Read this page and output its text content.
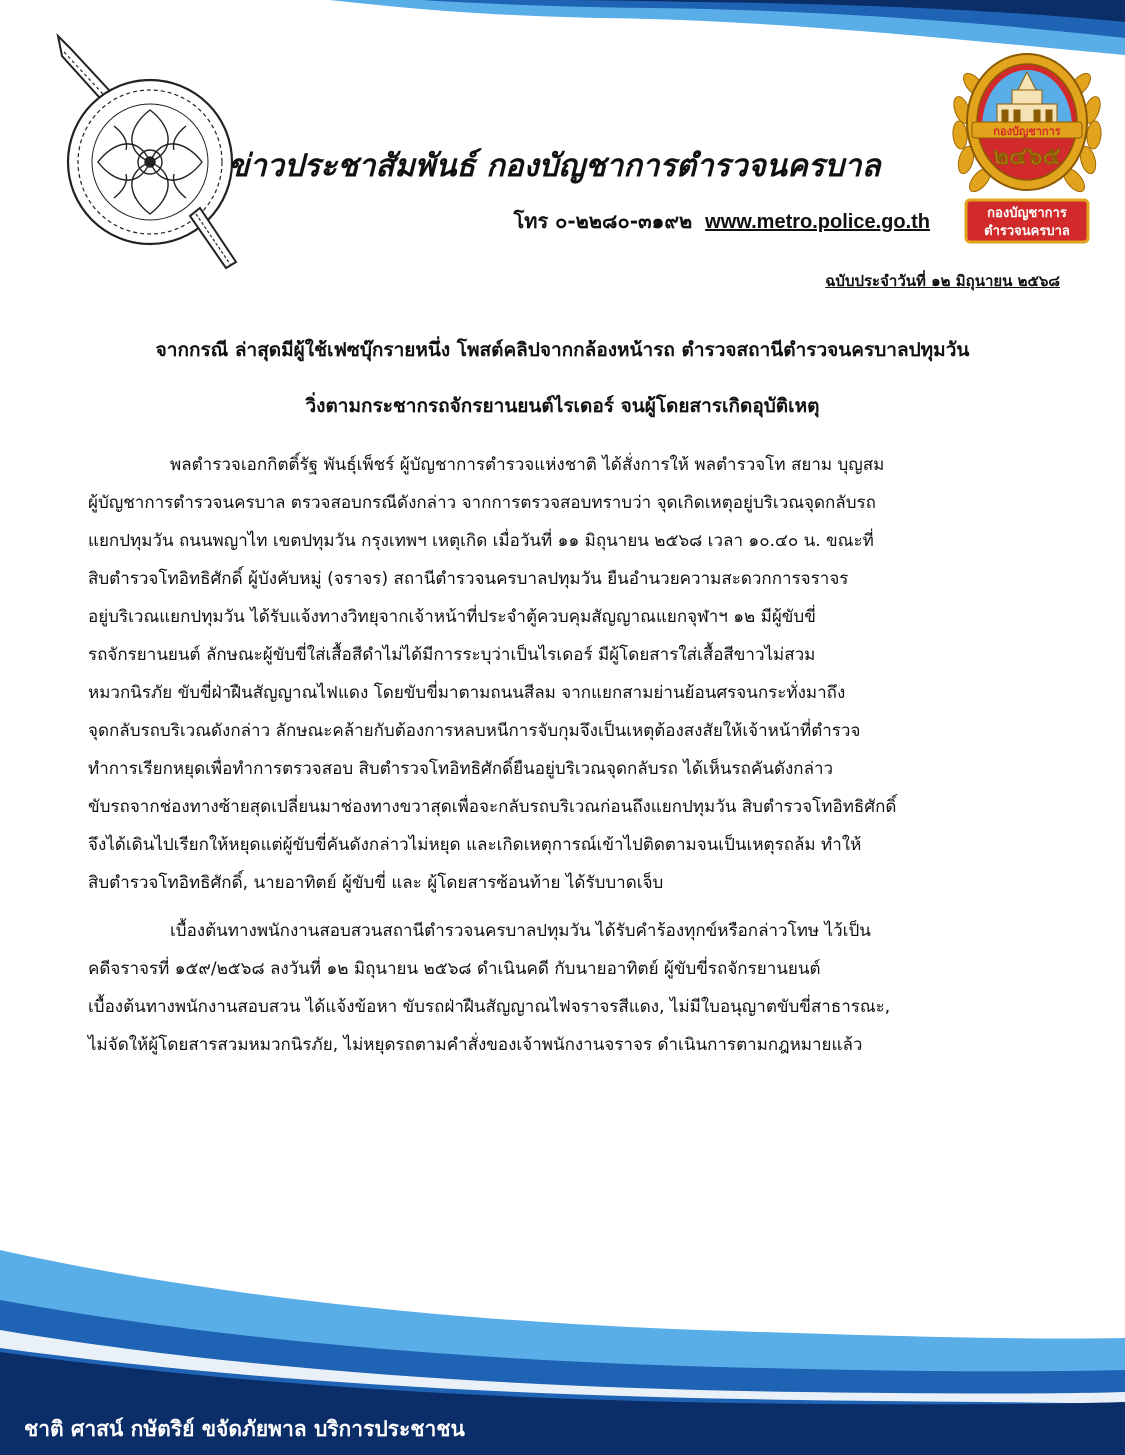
กองบัญชาการ
๒๔๖๕
กองบัญชาการ
ตำรวจนครบาล
ข่าวประชาสัมพันธ์ กองบัญชาการตำรวจนครบาล
โทร ๐-๒๒๘๐-๓๑๙๒ www.metro.police.go.th
ฉบับประจำวันที่ ๑๒ มิถุนายน ๒๕๖๘
จากกรณี ล่าสุดมีผู้ใช้เฟซบุ๊กรายหนึ่ง โพสต์คลิปจากกล้องหน้ารถ ตำรวจสถานีตำรวจนครบาลปทุมวัน
วิ่งตามกระชากรถจักรยานยนต์ไรเดอร์ จนผู้โดยสารเกิดอุบัติเหตุ
พลตำรวจเอกกิตติ์รัฐ พันธุ์เพ็ชร์ ผู้บัญชาการตำรวจแห่งชาติ ได้สั่งการให้ พลตำรวจโท สยาม บุญสม
ผู้บัญชาการตำรวจนครบาล ตรวจสอบกรณีดังกล่าว จากการตรวจสอบทราบว่า จุดเกิดเหตุอยู่บริเวณจุดกลับรถ
แยกปทุมวัน ถนนพญาไท เขตปทุมวัน กรุงเทพฯ เหตุเกิด เมื่อวันที่ ๑๑ มิถุนายน ๒๕๖๘ เวลา ๑๐.๔๐ น. ขณะที่
สิบตำรวจโทอิทธิศักดิ์ ผู้บังคับหมู่ (จราจร) สถานีตำรวจนครบาลปทุมวัน ยืนอำนวยความสะดวกการจราจร
อยู่บริเวณแยกปทุมวัน ได้รับแจ้งทางวิทยุจากเจ้าหน้าที่ประจำตู้ควบคุมสัญญาณแยกจุฬาฯ ๑๒ มีผู้ขับขี่
รถจักรยานยนต์ ลักษณะผู้ขับขี่ใส่เสื้อสีดำไม่ได้มีการระบุว่าเป็นไรเดอร์ มีผู้โดยสารใส่เสื้อสีขาวไม่สวม
หมวกนิรภัย ขับขี่ฝ่าฝืนสัญญาณไฟแดง โดยขับขี่มาตามถนนสีลม จากแยกสามย่านย้อนศรจนกระทั่งมาถึง
จุดกลับรถบริเวณดังกล่าว ลักษณะคล้ายกับต้องการหลบหนีการจับกุมจึงเป็นเหตุต้องสงสัยให้เจ้าหน้าที่ตำรวจ
ทำการเรียกหยุดเพื่อทำการตรวจสอบ สิบตำรวจโทอิทธิศักดิ์ยืนอยู่บริเวณจุดกลับรถ ได้เห็นรถคันดังกล่าว
ขับรถจากช่องทางซ้ายสุดเปลี่ยนมาช่องทางขวาสุดเพื่อจะกลับรถบริเวณก่อนถึงแยกปทุมวัน สิบตำรวจโทอิทธิศักดิ์
จึงได้เดินไปเรียกให้หยุดแต่ผู้ขับขี่คันดังกล่าวไม่หยุด และเกิดเหตุการณ์เข้าไปติดตามจนเป็นเหตุรถล้ม ทำให้
สิบตำรวจโทอิทธิศักดิ์, นายอาทิตย์ ผู้ขับขี่ และ ผู้โดยสารซ้อนท้าย ได้รับบาดเจ็บ
เบื้องต้นทางพนักงานสอบสวนสถานีตำรวจนครบาลปทุมวัน ได้รับคำร้องทุกข์หรือกล่าวโทษ ไว้เป็น
คดีจราจรที่ ๑๕๙/๒๕๖๘ ลงวันที่ ๑๒ มิถุนายน ๒๕๖๘ ดำเนินคดี กับนายอาทิตย์ ผู้ขับขี่รถจักรยานยนต์
เบื้องต้นทางพนักงานสอบสวน ได้แจ้งข้อหา ขับรถฝ่าฝืนสัญญาณไฟจราจรสีแดง, ไม่มีใบอนุญาตขับขี่สาธารณะ,
ไม่จัดให้ผู้โดยสารสวมหมวกนิรภัย, ไม่หยุดรถตามคำสั่งของเจ้าพนักงานจราจร ดำเนินการตามกฎหมายแล้ว
ชาติ ศาสน์ กษัตริย์ ขจัดภัยพาล บริการประชาชน
